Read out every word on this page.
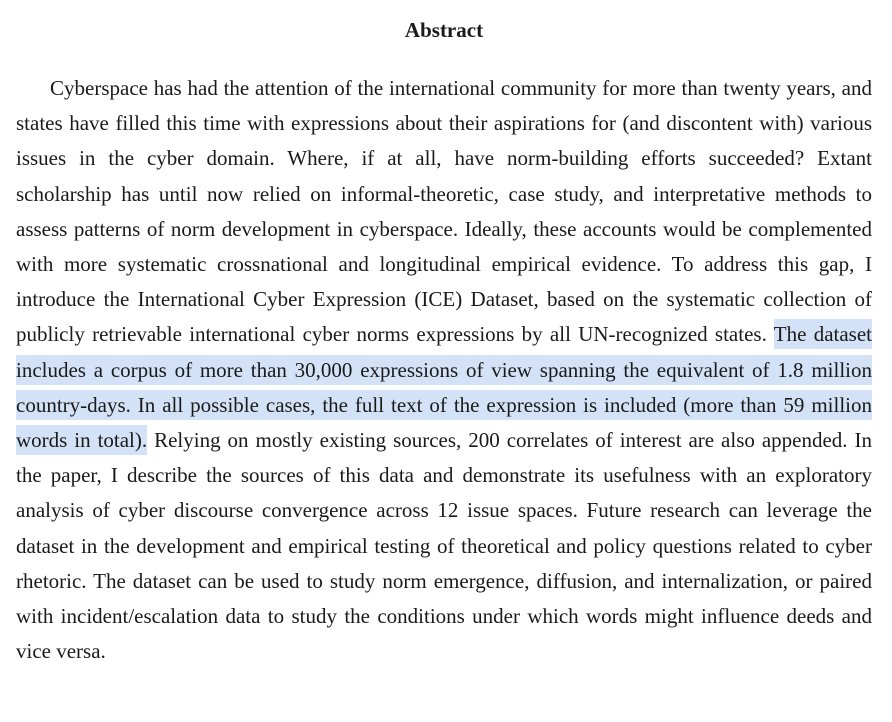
Abstract

Cyberspace has had the attention of the international community for more than twenty years, and states have filled this time with expressions about their aspirations for (and discontent with) various issues in the cyber domain. Where, if at all, have norm-building efforts succeeded? Extant scholarship has until now relied on informal-theoretic, case study, and interpretative methods to assess patterns of norm development in cyberspace. Ideally, these accounts would be complemented with more systematic crossnational and longitudinal empirical evidence. To address this gap, I introduce the International Cyber Expression (ICE) Dataset, based on the systematic collection of publicly retrievable international cyber norms expressions by all UN-recognized states. The dataset includes a corpus of more than 30,000 expressions of view spanning the equivalent of 1.8 million country-days. In all possible cases, the full text of the expression is included (more than 59 million words in total). Relying on mostly existing sources, 200 correlates of interest are also appended. In the paper, I describe the sources of this data and demonstrate its usefulness with an exploratory analysis of cyber discourse convergence across 12 issue spaces. Future research can leverage the dataset in the development and empirical testing of theoretical and policy questions related to cyber rhetoric. The dataset can be used to study norm emergence, diffusion, and internalization, or paired with incident/escalation data to study the conditions under which words might influence deeds and vice versa.
